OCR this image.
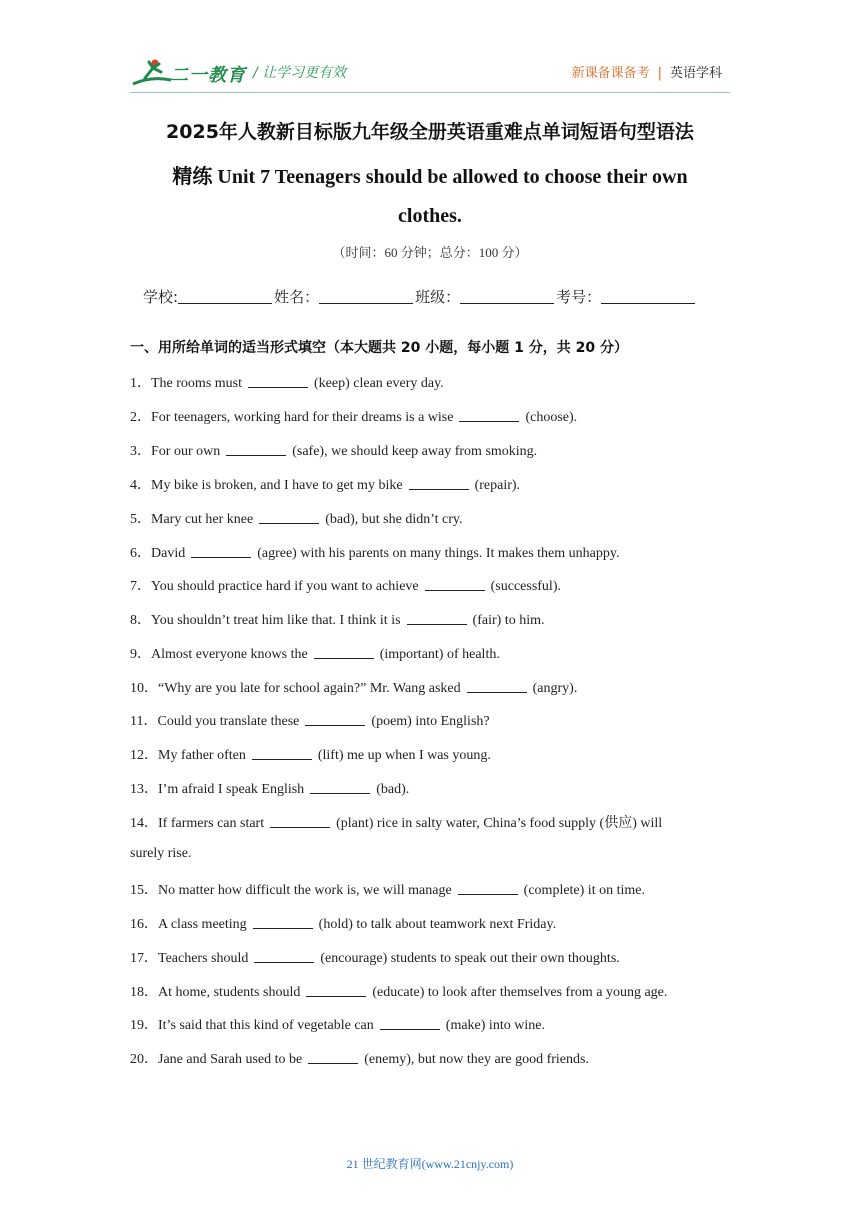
二一教育 / 让学习更有效	新课备课备考 | 英语学科
2025年人教新目标版九年级全册英语重难点单词短语句型语法
精练 Unit 7 Teenagers should be allowed to choose their own
clothes.
（时间：60 分钟；总分：100 分）
学校:	姓名：	班级：	考号：
一、用所给单词的适当形式填空（本大题共 20 小题，每小题 1 分，共 20 分）
1．The rooms must	(keep) clean every day.
2．For teenagers, working hard for their dreams is a wise	(choose).
3．For our own	(safe), we should keep away from smoking.
4．My bike is broken, and I have to get my bike	(repair).
5．Mary cut her knee	(bad), but she didn’t cry.
6．David	(agree) with his parents on many things. It makes them unhappy.
7．You should practice hard if you want to achieve	(successful).
8．You shouldn’t treat him like that. I think it is	(fair) to him.
9．Almost everyone knows the	(important) of health.
10．“Why are you late for school again?” Mr. Wang asked	(angry).
11．Could you translate these	(poem) into English?
12．My father often	(lift) me up when I was young.
13．I’m afraid I speak English	(bad).
14．If farmers can start	(plant) rice in salty water, China’s food supply (供应) will
15．No matter how difficult the work is, we will manage	(complete) it on time.
16．A class meeting	(hold) to talk about teamwork next Friday.
17．Teachers should	(encourage) students to speak out their own thoughts.
18．At home, students should	(educate) to look after themselves from a young age.
19．It’s said that this kind of vegetable can	(make) into wine.
20．Jane and Sarah used to be	(enemy), but now they are good friends.
surely rise.
21 世纪教育网(www.21cnjy.com)
